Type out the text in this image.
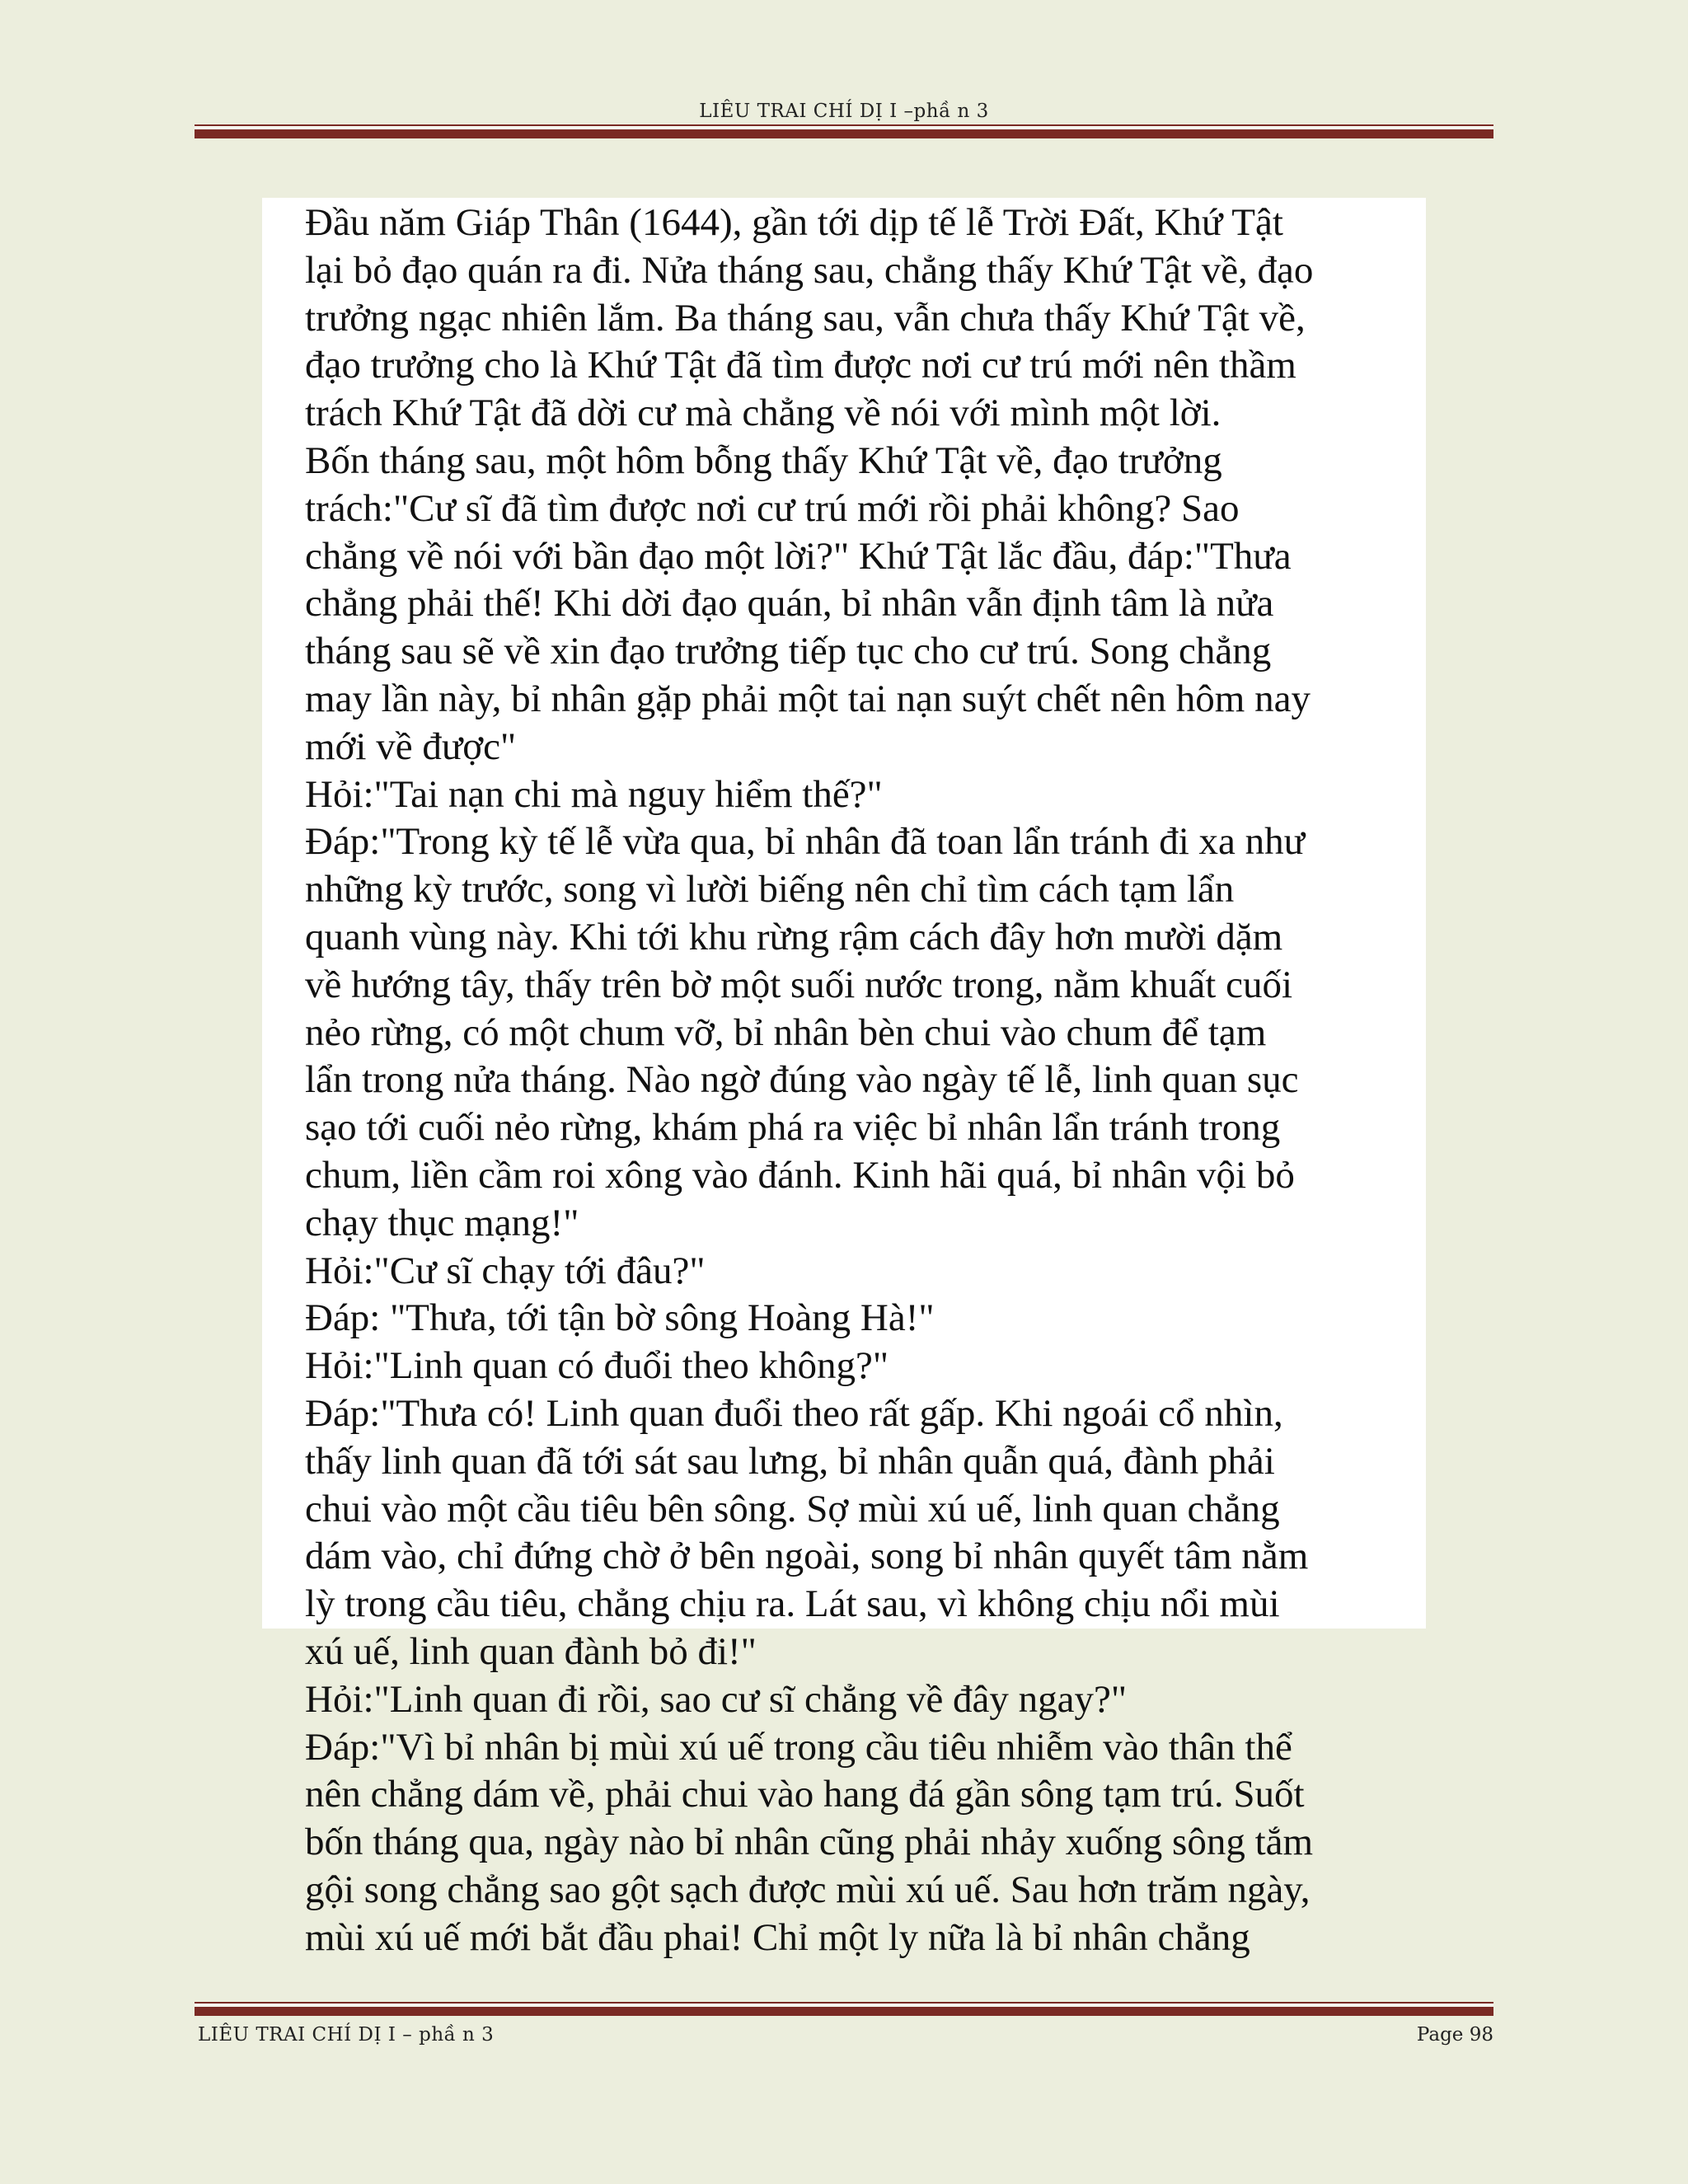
LIÊU TRAI CHÍ DỊ I –phầ n 3
Đầu năm Giáp Thân (1644), gần tới dịp tế lễ Trời Đất, Khứ Tật
lại bỏ đạo quán ra đi. Nửa tháng sau, chẳng thấy Khứ Tật về, đạo
trưởng ngạc nhiên lắm. Ba tháng sau, vẫn chưa thấy Khứ Tật về,
đạo trưởng cho là Khứ Tật đã tìm được nơi cư trú mới nên thầm
trách Khứ Tật đã dời cư mà chẳng về nói với mình một lời.
Bốn tháng sau, một hôm bỗng thấy Khứ Tật về, đạo trưởng
trách:"Cư sĩ đã tìm được nơi cư trú mới rồi phải không? Sao
chẳng về nói với bần đạo một lời?" Khứ Tật lắc đầu, đáp:"Thưa
chẳng phải thế! Khi dời đạo quán, bỉ nhân vẫn định tâm là nửa
tháng sau sẽ về xin đạo trưởng tiếp tục cho cư trú. Song chẳng
may lần này, bỉ nhân gặp phải một tai nạn suýt chết nên hôm nay
mới về được"
Hỏi:"Tai nạn chi mà nguy hiểm thế?"
Đáp:"Trong kỳ tế lễ vừa qua, bỉ nhân đã toan lẩn tránh đi xa như
những kỳ trước, song vì lười biếng nên chỉ tìm cách tạm lẩn
quanh vùng này. Khi tới khu rừng rậm cách đây hơn mười dặm
về hướng tây, thấy trên bờ một suối nước trong, nằm khuất cuối
nẻo rừng, có một chum vỡ, bỉ nhân bèn chui vào chum để tạm
lẩn trong nửa tháng. Nào ngờ đúng vào ngày tế lễ, linh quan sục
sạo tới cuối nẻo rừng, khám phá ra việc bỉ nhân lẩn tránh trong
chum, liền cầm roi xông vào đánh. Kinh hãi quá, bỉ nhân vội bỏ
chạy thục mạng!"
Hỏi:"Cư sĩ chạy tới đâu?"
Đáp: "Thưa, tới tận bờ sông Hoàng Hà!"
Hỏi:"Linh quan có đuổi theo không?"
Đáp:"Thưa có! Linh quan đuổi theo rất gấp. Khi ngoái cổ nhìn,
thấy linh quan đã tới sát sau lưng, bỉ nhân quẫn quá, đành phải
chui vào một cầu tiêu bên sông. Sợ mùi xú uế, linh quan chẳng
dám vào, chỉ đứng chờ ở bên ngoài, song bỉ nhân quyết tâm nằm
lỳ trong cầu tiêu, chẳng chịu ra. Lát sau, vì không chịu nổi mùi
xú uế, linh quan đành bỏ đi!"
Hỏi:"Linh quan đi rồi, sao cư sĩ chẳng về đây ngay?"
Đáp:"Vì bỉ nhân bị mùi xú uế trong cầu tiêu nhiễm vào thân thể
nên chẳng dám về, phải chui vào hang đá gần sông tạm trú. Suốt
bốn tháng qua, ngày nào bỉ nhân cũng phải nhảy xuống sông tắm
gội song chẳng sao gột sạch được mùi xú uế. Sau hơn trăm ngày,
mùi xú uế mới bắt đầu phai! Chỉ một ly nữa là bỉ nhân chẳng
LIÊU TRAI CHÍ DỊ I – phầ n 3	Page 98
